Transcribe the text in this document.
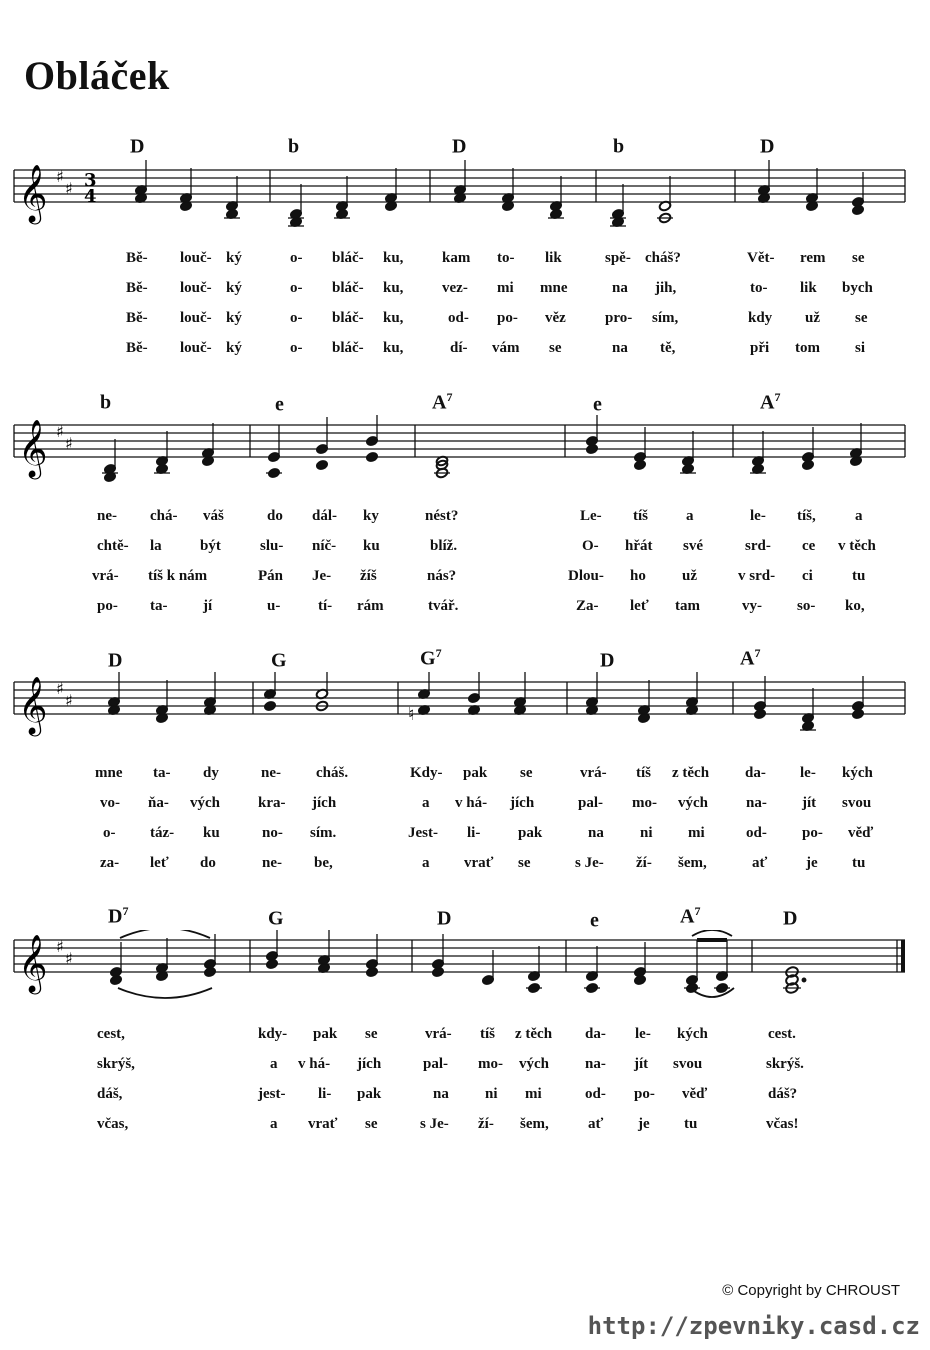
Obláček
D	b	D	b	D
𝄞 ♯
♯ 3
4
Bě- louč- ký	o- bláč- ku,	kam to- lik	spě- cháš?	Vět- rem se
Bě- louč- ký	o- bláč- ku,	vez- mi mne	na jih,	to- lik bych
Bě- louč- ký	o- bláč- ku,	od- po- věz	pro- sím,	kdy už se
Bě- louč- ký	o- bláč- ku,	dí- vám se	na tě,	při tom si
b	e	$A^7$	e	$A^7$
𝄞 ♯
♯
ne- chá- váš	do dál- ky	nést?	Le- tíš	a	le- tíš,	a
chtě- la	být	slu- níč- ku	blíž.	O- hřát své	srd- ce v těch
vrá- tíš k nám	Pán Je- žíš	nás?	Dlou- ho už	v srd- ci	tu
po- ta- jí	u-	tí- rám	tvář.	Za- leť tam	vy- so- ko,
D	G	$G^7$	D	$A^7$
𝄞 ♯
♯
♮
mne ta- dy	ne- cháš.	Kdy- pak se	vrá- tíš z těch da- le- kých
vo- ňa- vých	kra- jích	a v há- jích	pal- mo- vých	na- jít svou
o- táz- ku	no- sím.	Jest- li-	pak	na ni mi	od- po- věď
za- leť do	ne- be,	a vrať se	s Je- ží- šem,	ať	je tu
$D^7$	G	D	e	$A^7$	D
𝄞 ♯
♯
cest,	kdy- pak se	vrá- tíš z těch da- le- kých	cest.
skrýš,	a v há- jích	pal- mo- vých na- jít svou	skrýš.
dáš,	jest- li- pak	na ni mi	od- po- věď	dáš?
včas,	a vrať se	s Je- ží- šem,	ať je tu	včas!
© Copyright by CHROUST
http://zpevniky.casd.cz
